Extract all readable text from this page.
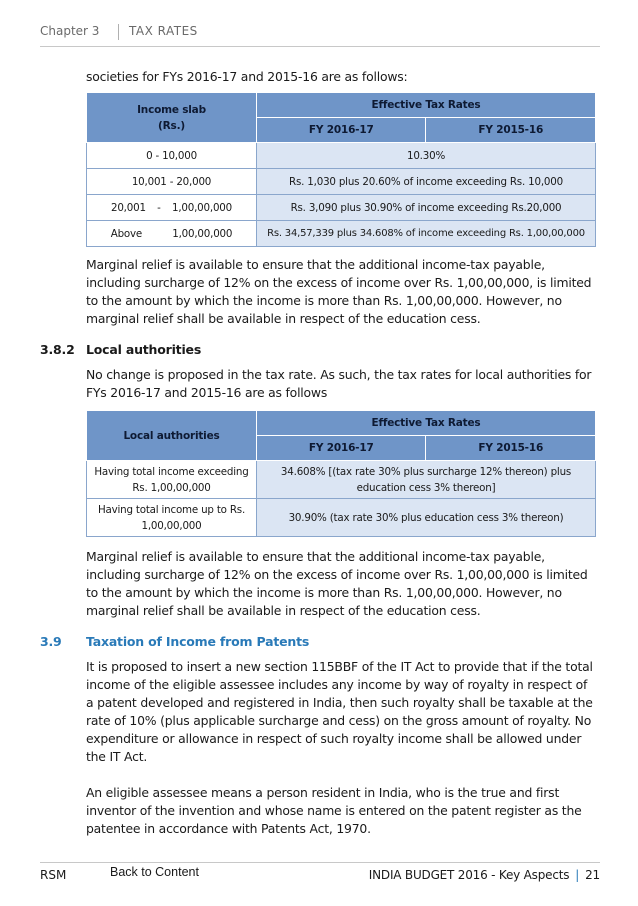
Chapter 3 TAX RATES

societies for FYs 2016-17 and 2015-16 are as follows:

Income slab
(Rs.)	Effective Tax Rates	
	FY 2016-17	FY 2015-16
0 - 10,000	10.30%	
10,001 - 20,000	Rs. 1,030 plus 20.60% of income exceeding Rs. 10,000	
20,001 - 1,00,00,000	Rs. 3,090 plus 30.90% of income exceeding Rs.20,000	
Above 1,00,00,000	Rs. 34,57,339 plus 34.608% of income exceeding Rs. 1,00,00,000	

Marginal relief is available to ensure that the additional income-tax payable, including surcharge of 12% on the excess of income over Rs. 1,00,00,000, is limited to the amount by which the income is more than Rs. 1,00,00,000. However, no marginal relief shall be available in respect of the education cess.

3.8.2 Local authorities

No change is proposed in the tax rate. As such, the tax rates for local authorities for FYs 2016-17 and 2015-16 are as follows

Local authorities	Effective Tax Rates	
	FY 2016-17	FY 2015-16
Having total income exceeding
Rs. 1,00,00,000	34.608% [(tax rate 30% plus surcharge 12% thereon) plus
education cess 3% thereon]	
Having total income up to Rs.
1,00,00,000	30.90% (tax rate 30% plus education cess 3% thereon)	

Marginal relief is available to ensure that the additional income-tax payable, including surcharge of 12% on the excess of income over Rs. 1,00,00,000 is limited to the amount by which the income is more than Rs. 1,00,00,000. However, no marginal relief shall be available in respect of the education cess.

3.9 Taxation of Income from Patents

It is proposed to insert a new section 115BBF of the IT Act to provide that if the total income of the eligible assessee includes any income by way of royalty in respect of a patent developed and registered in India, then such royalty shall be taxable at the rate of 10% (plus applicable surcharge and cess) on the gross amount of royalty. No expenditure or allowance in respect of such royalty income shall be allowed under the IT Act.

An eligible assessee means a person resident in India, who is the true and first inventor of the invention and whose name is entered on the patent register as the patentee in accordance with Patents Act, 1970.

RSM	Back to Content	INDIA BUDGET 2016 - Key Aspects | 21
